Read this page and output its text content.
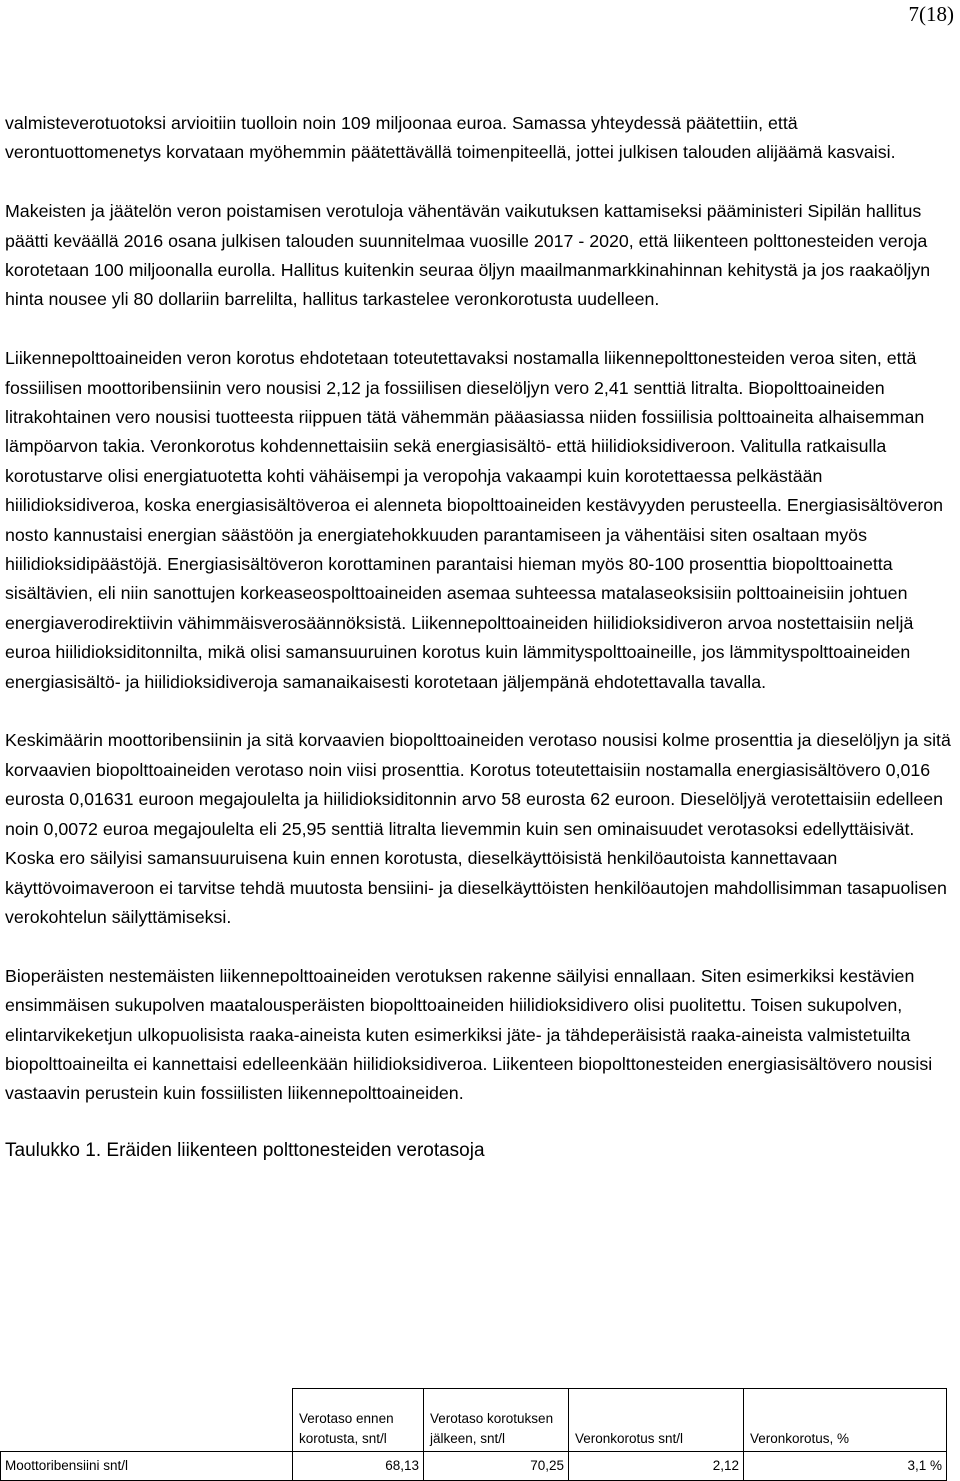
7(18)

valmisteverotuotoksi arvioitiin tuolloin noin 109 miljoonaa euroa. Samassa yhteydessä päätettiin, että verontuottomenetys korvataan myöhemmin päätettävällä toimenpiteellä, jottei julkisen talouden alijäämä kasvaisi.

Makeisten ja jäätelön veron poistamisen verotuloja vähentävän vaikutuksen kattamiseksi pääministeri Sipilän hallitus päätti keväällä 2016 osana julkisen talouden suunnitelmaa vuosille 2017 - 2020, että liikenteen polttonesteiden veroja korotetaan 100 miljoonalla eurolla. Hallitus kuitenkin seuraa öljyn maailmanmarkkinahinnan kehitystä ja jos raakaöljyn hinta nousee yli 80 dollariin barrelilta, hallitus tarkastelee veronkorotusta uudelleen.

Liikennepolttoaineiden veron korotus ehdotetaan toteutettavaksi nostamalla liikennepolttonesteiden veroa siten, että fossiilisen moottoribensiinin vero nousisi 2,12 ja fossiilisen dieselöljyn vero 2,41 senttiä litralta. Biopolttoaineiden litrakohtainen vero nousisi tuotteesta riippuen tätä vähemmän pääasiassa niiden fossiilisia polttoaineita alhaisemman lämpöarvon takia. Veronkorotus kohdennettaisiin sekä energiasisältö- että hiilidioksidiveroon. Valitulla ratkaisulla korotustarve olisi energiatuotetta kohti vähäisempi ja veropohja vakaampi kuin korotettaessa pelkästään hiilidioksidiveroa, koska energiasisältöveroa ei alenneta biopolttoaineiden kestävyyden perusteella. Energiasisältöveron nosto kannustaisi energian säästöön ja energiatehokkuuden parantamiseen ja vähentäisi siten osaltaan myös hiilidioksidipäästöjä. Energiasisältöveron korottaminen parantaisi hieman myös 80-100 prosenttia biopolttoainetta sisältävien, eli niin sanottujen korkeaseospolttoaineiden asemaa suhteessa matalaseoksisiin polttoaineisiin johtuen energiaverodirektiivin vähimmäisverosäännöksistä. Liikennepolttoaineiden hiilidioksidiveron arvoa nostettaisiin neljä euroa hiilidioksiditonnilta, mikä olisi samansuuruinen korotus kuin lämmityspolttoaineille, jos lämmityspolttoaineiden energiasisältö- ja hiilidioksidiveroja samanaikaisesti korotetaan jäljempänä ehdotettavalla tavalla.

Keskimäärin moottoribensiinin ja sitä korvaavien biopolttoaineiden verotaso nousisi kolme prosenttia ja dieselöljyn ja sitä korvaavien biopolttoaineiden verotaso noin viisi prosenttia. Korotus toteutettaisiin nostamalla energiasisältövero 0,016 eurosta 0,01631 euroon megajoulelta ja hiilidioksiditonnin arvo 58 eurosta 62 euroon. Dieselöljyä verotettaisiin edelleen noin 0,0072 euroa megajoulelta eli 25,95 senttiä litralta lievemmin kuin sen ominaisuudet verotasoksi edellyttäisivät. Koska ero säilyisi samansuuruisena kuin ennen korotusta, dieselkäyttöisistä henkilöautoista kannettavaan käyttövoimaveroon ei tarvitse tehdä muutosta bensiini- ja dieselkäyttöisten henkilöautojen mahdollisimman tasapuolisen verokohtelun säilyttämiseksi.

Bioperäisten nestemäisten liikennepolttoaineiden verotuksen rakenne säilyisi ennallaan. Siten esimerkiksi kestävien ensimmäisen sukupolven maatalousperäisten biopolttoaineiden hiilidioksidivero olisi puolitettu. Toisen sukupolven, elintarvikeketjun ulkopuolisista raaka-aineista kuten esimerkiksi jäte- ja tähdeperäisistä raaka-aineista valmistetuilta biopolttoaineilta ei kannettaisi edelleenkään hiilidioksidiveroa. Liikenteen biopolttonesteiden energiasisältövero nousisi vastaavin perustein kuin fossiilisten liikennepolttoaineiden.

Taulukko 1. Eräiden liikenteen polttonesteiden verotasoja

	Verotaso ennen korotusta, snt/l	Verotaso korotuksen jälkeen, snt/l	Veronkorotus snt/l	Veronkorotus, %
Moottoribensiini snt/l	68,13	70,25	2,12	3,1 %
